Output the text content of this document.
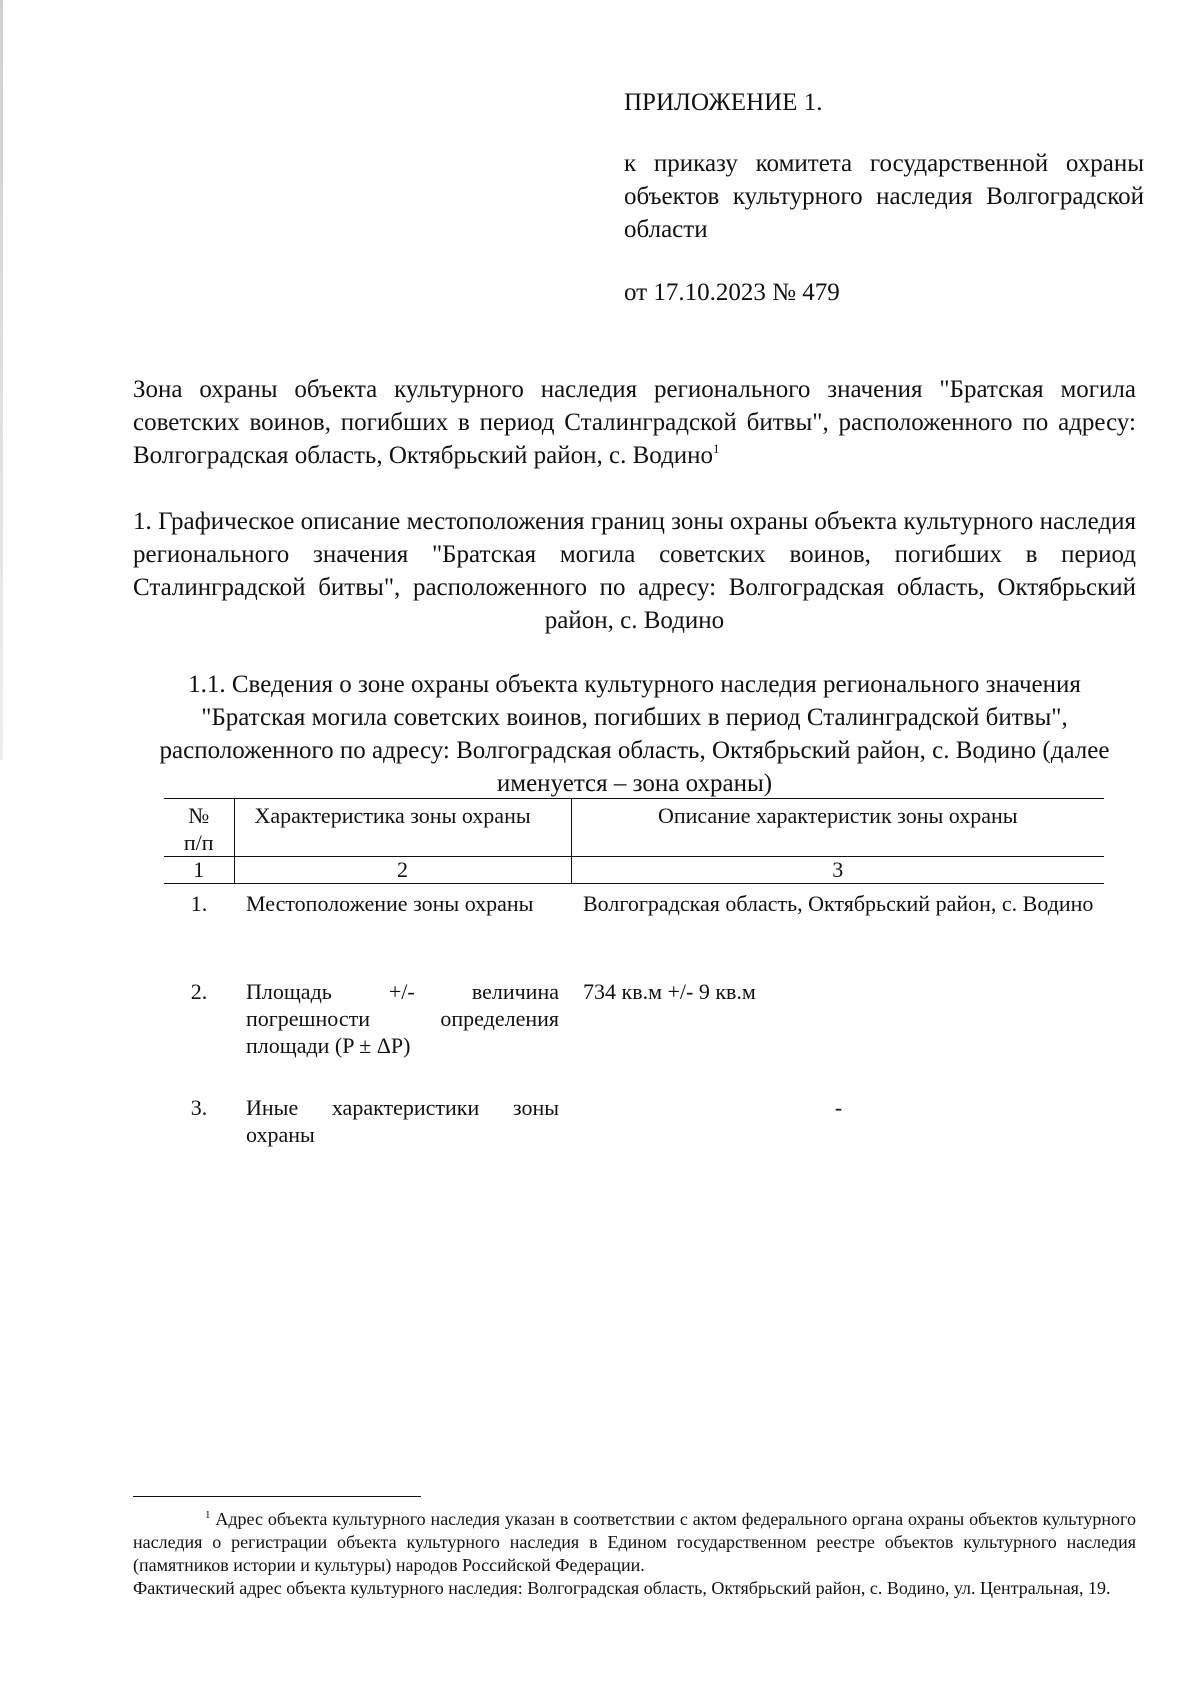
ПРИЛОЖЕНИЕ 1.

к приказу комитета государственной охраны объектов культурного наследия Волгоградской области

от 17.10.2023 № 479

Зона охраны объекта культурного наследия регионального значения "Братская могила советских воинов, погибших в период Сталинградской битвы", расположенного по адресу: Волгоградская область, Октябрьский район, с. Водино$^1$
1. Графическое описание местоположения границ зоны охраны объекта культурного наследия регионального значения "Братская могила советских воинов, погибших в период Сталинградской битвы", расположенного по адресу: Волгоградская область, Октябрьский район, с. Водино
1.1. Сведения о зоне охраны объекта культурного наследия регионального значения "Братская могила советских воинов, погибших в период Сталинградской битвы", расположенного по адресу: Волгоградская область, Октябрьский район, с. Водино (далее именуется – зона охраны)
№
п/п	Характеристика зоны охраны	Описание характеристик зоны охраны
1	2	3
1.	Местоположение зоны охраны	Волгоградская область, Октябрьский район, с. Водино
2.	Площадь +/- величина погрешности определения площади (P ± ΔP)	734 кв.м +/- 9 кв.м
3.	Иные характеристики зоны охраны	-

$^1$ Адрес объекта культурного наследия указан в соответствии с актом федерального органа охраны объектов культурного наследия о регистрации объекта культурного наследия в Едином государственном реестре объектов культурного наследия (памятников истории и культуры) народов Российской Федерации.

Фактический адрес объекта культурного наследия: Волгоградская область, Октябрьский район, с. Водино, ул. Центральная, 19.
